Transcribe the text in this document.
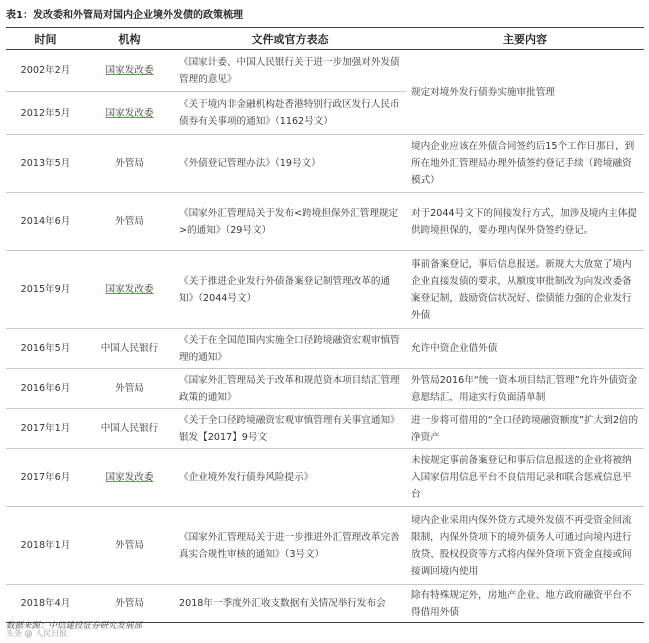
表1：发改委和外管局对国内企业境外发债的政策梳理
时间	机构	文件或官方表态	主要内容
2002年2月	国家发改委	《国家计委、中国人民银行关于进一步加强对外发债管理的意见》	规定对境外发行债券实施审批管理
2012年5月	国家发改委	《关于境内非金融机构赴香港特别行政区发行人民币债券有关事项的通知》（1162号文）	
2013年5月	外管局	《外债登记管理办法》（19号文）	境内企业应该在外债合同签约后15个工作日那日，到所在地外汇管理局办理外债签约登记手续（跨境融资模式）
2014年6月	外管局	《国家外汇管理局关于发布<跨境担保外汇管理规定>的通知》（29号文）	对于2044号文下的间接发行方式，加涉及境内主体提供跨境担保的，要办理内保外贷签约登记。
2015年9月	国家发改委	《关于推进企业发行外债备案登记制管理改革的通知》（2044号文）	事前备案登记，事后信息报送。新规大大放宽了境内企业直接发债的要求，从额度审批制改为向发改委备案登记制，鼓励资信状况好、偿债能力强的企业发行外债
2016年5月	中国人民银行	《关于在全国范围内实施全口径跨境融资宏观审慎管理的通知》	允许中资企业借外债
2016年6月	外管局	《国家外汇管理局关于改革和规范资本项目结汇管理政策的通知》	外管局2016年“统一资本项目结汇管理”允许外债资金意愿结汇，用途实行负面清单制
2017年1月	中国人民银行	《关于全口径跨境融资宏观审慎管理有关事宜通知》银发【2017】9号文	进一步将可借用的“全口径跨境融资额度”扩大到2倍的净资产
2017年6月	国家发改委	《企业境外发行债券风险提示》	未按规定事前备案登记和事后信息报送的企业将被纳入国家信用信息平台不良信用记录和联合惩戒信息平台
2018年1月	外管局	《国家外汇管理局关于进一步推进外汇管理改革完善真实合规性审核的通知》（3号文）	境内企业采用内保外贷方式境外发债不再受资金回流限制，内保外贷项下的境外债务人可通过向境内进行放贷、股权投资等方式将内保外贷项下资金直接或间接调回境内使用
2018年4月	外管局	2018年一季度外汇收支数据有关情况举行发布会	除有特殊规定外，房地产企业、地方政府融资平台不得借用外债
数据来源：中信建投证券研究发展部
头条 @ 人民日报
